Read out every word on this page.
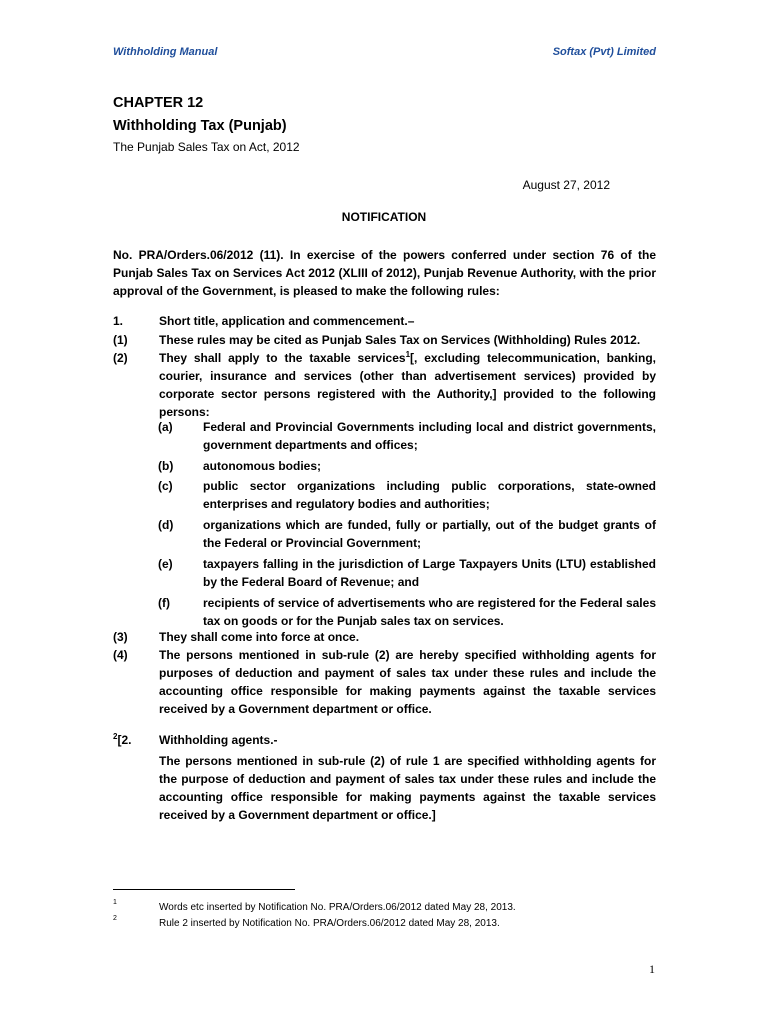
Withholding Manual	Softax (Pvt) Limited
CHAPTER 12
Withholding Tax (Punjab)
The Punjab Sales Tax on Act, 2012
August 27, 2012
NOTIFICATION
No. PRA/Orders.06/2012 (11). In exercise of the powers conferred under section 76 of the Punjab Sales Tax on Services Act 2012 (XLIII of 2012), Punjab Revenue Authority, with the prior approval of the Government, is pleased to make the following rules:
1.	Short title, application and commencement.–
(1)	These rules may be cited as Punjab Sales Tax on Services (Withholding) Rules 2012.
(2)	They shall apply to the taxable services$^1$[, excluding telecommunication, banking, courier, insurance and services (other than advertisement services) provided by corporate sector persons registered with the Authority,] provided to the following persons:
(a)	Federal and Provincial Governments including local and district governments, government departments and offices;
(b)	autonomous bodies;
(c)	public sector organizations including public corporations, state-owned enterprises and regulatory bodies and authorities;
(d)	organizations which are funded, fully or partially, out of the budget grants of the Federal or Provincial Government;
(e)	taxpayers falling in the jurisdiction of Large Taxpayers Units (LTU) established by the Federal Board of Revenue; and
(f)	recipients of service of advertisements who are registered for the Federal sales tax on goods or for the Punjab sales tax on services.
(3)	They shall come into force at once.
(4)	The persons mentioned in sub-rule (2) are hereby specified withholding agents for purposes of deduction and payment of sales tax under these rules and include the accounting office responsible for making payments against the taxable services received by a Government department or office.
$^2$[2. Withholding agents.-
The persons mentioned in sub-rule (2) of rule 1 are specified withholding agents for the purpose of deduction and payment of sales tax under these rules and include the accounting office responsible for making payments against the taxable services received by a Government department or office.]
1	Words etc inserted by Notification No. PRA/Orders.06/2012 dated May 28, 2013.
2	Rule 2 inserted by Notification No. PRA/Orders.06/2012 dated May 28, 2013.
1
